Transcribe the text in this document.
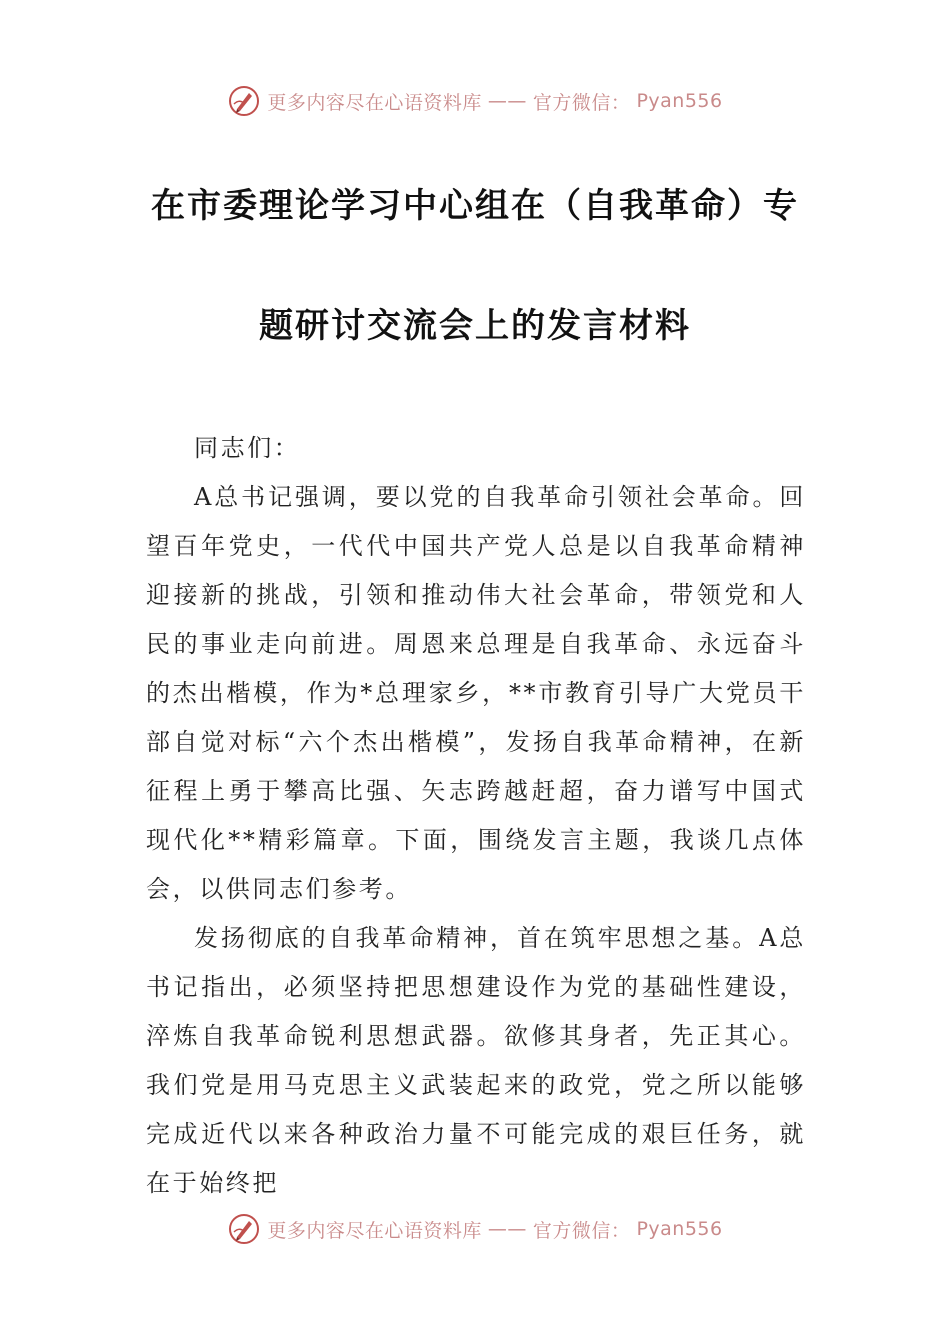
更多内容尽在心语资料库 —— 官方微信： Pyan556
在市委理论学习中心组在（自我革命）专
题研讨交流会上的发言材料

同志们：

A总书记强调，要以党的自我革命引领社会革命。回望百年党史，一代代中国共产党人总是以自我革命精神迎接新的挑战，引领和推动伟大社会革命，带领党和人民的事业走向前进。周恩来总理是自我革命、永远奋斗的杰出楷模，作为*总理家乡，**市教育引导广大党员干部自觉对标“六个杰出楷模”，发扬自我革命精神，在新征程上勇于攀高比强、矢志跨越赶超，奋力谱写中国式现代化**精彩篇章。下面，围绕发言主题，我谈几点体会，以供同志们参考。

发扬彻底的自我革命精神，首在筑牢思想之基。A总书记指出，必须坚持把思想建设作为党的基础性建设，淬炼自我革命锐利思想武器。欲修其身者，先正其心。我们党是用马克思主义武装起来的政党，党之所以能够完成近代以来各种政治力量不可能完成的艰巨任务，就在于始终把

更多内容尽在心语资料库 —— 官方微信： Pyan556
